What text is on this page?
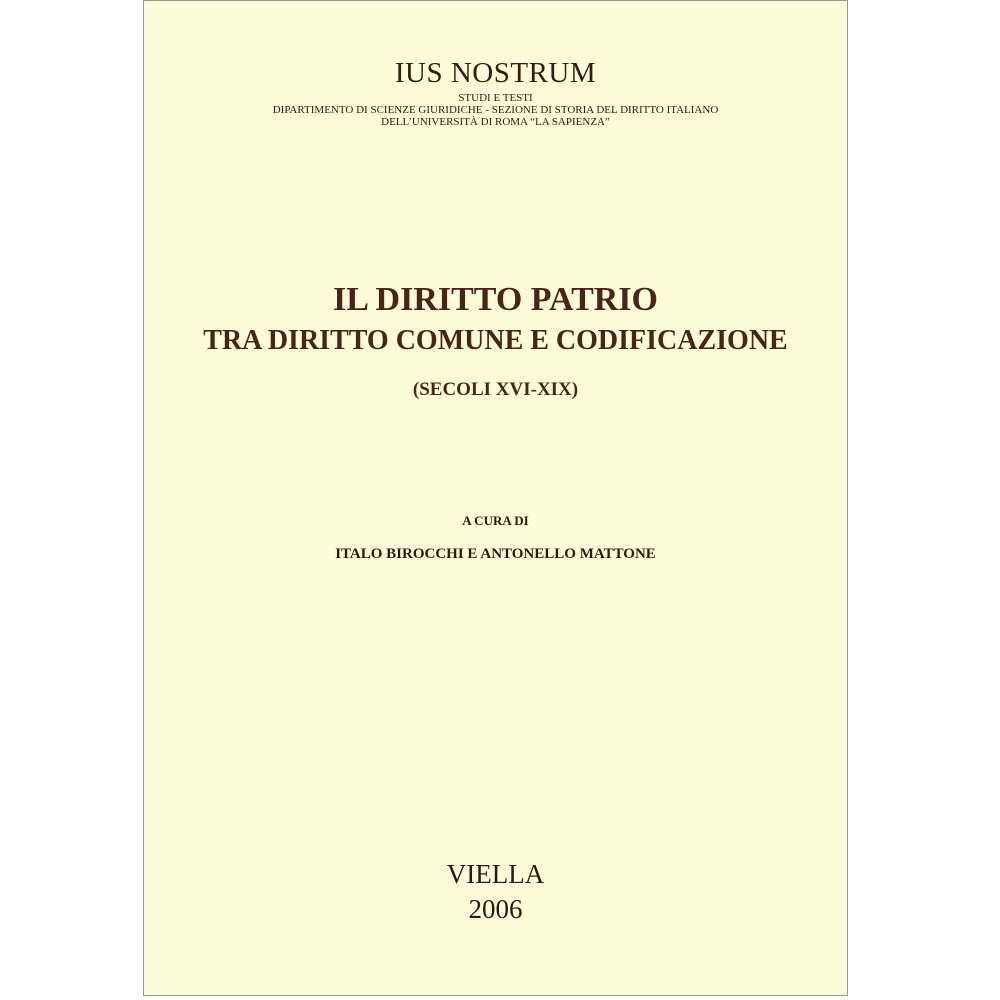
IUS NOSTRUM
STUDI E TESTI
DIPARTIMENTO DI SCIENZE GIURIDICHE - SEZIONE DI STORIA DEL DIRITTO ITALIANO
DELL’UNIVERSITÀ DI ROMA “LA SAPIENZA”
IL DIRITTO PATRIO
TRA DIRITTO COMUNE E CODIFICAZIONE
(SECOLI XVI-XIX)
A CURA DI
ITALO BIROCCHI E ANTONELLO MATTONE
VIELLA
2006
